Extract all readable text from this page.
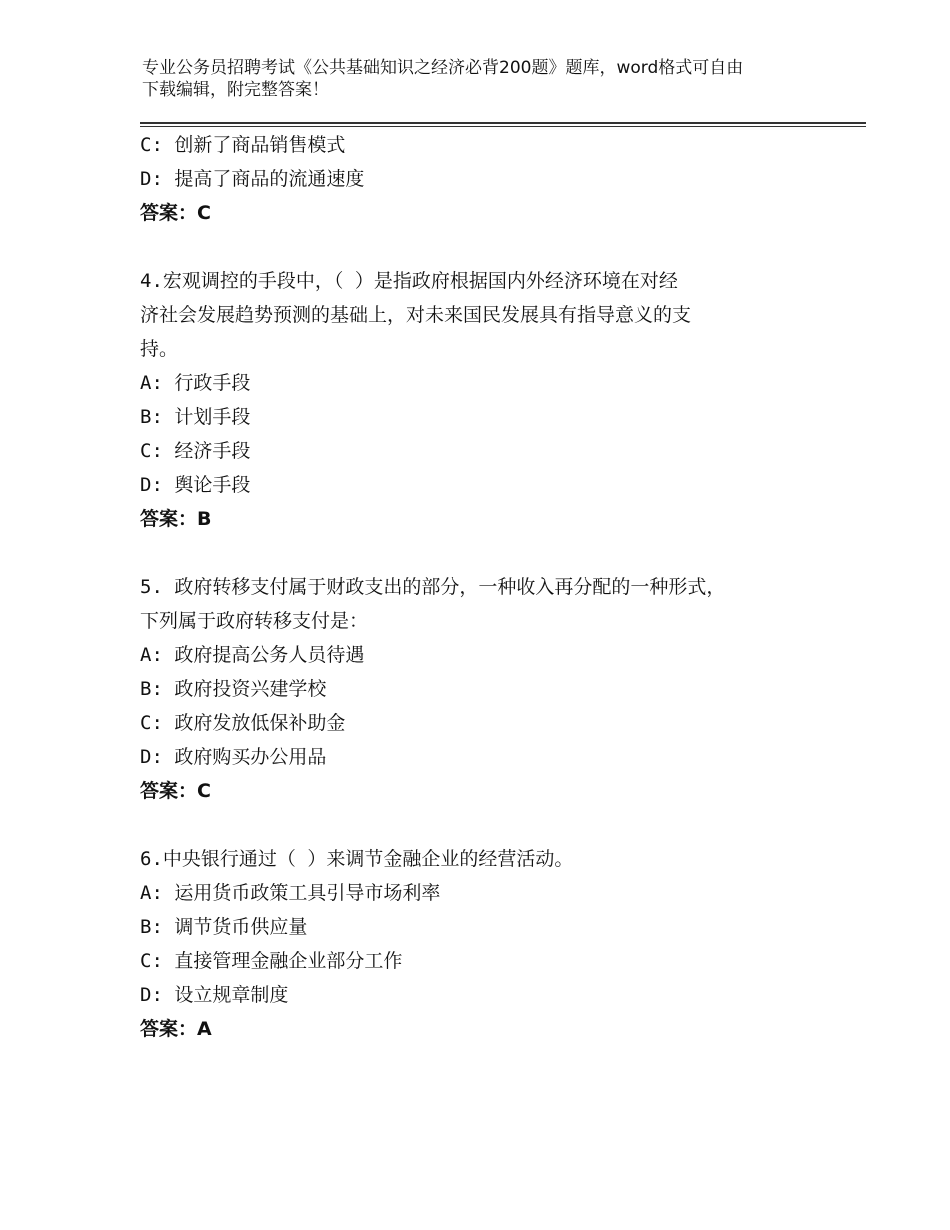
专业公务员招聘考试《公共基础知识之经济必背200题》题库，word格式可自由
下载编辑，附完整答案！
C: 创新了商品销售模式
D: 提高了商品的流通速度
答案：C
4.宏观调控的手段中，（ ）是指政府根据国内外经济环境在对经
济社会发展趋势预测的基础上，对未来国民发展具有指导意义的支
持。
A: 行政手段
B: 计划手段
C: 经济手段
D: 舆论手段
答案：B
5. 政府转移支付属于财政支出的部分，一种收入再分配的一种形式，
下列属于政府转移支付是：
A: 政府提高公务人员待遇
B: 政府投资兴建学校
C: 政府发放低保补助金
D: 政府购买办公用品
答案：C
6.中央银行通过（ ）来调节金融企业的经营活动。
A: 运用货币政策工具引导市场利率
B: 调节货币供应量
C: 直接管理金融企业部分工作
D: 设立规章制度
答案：A
